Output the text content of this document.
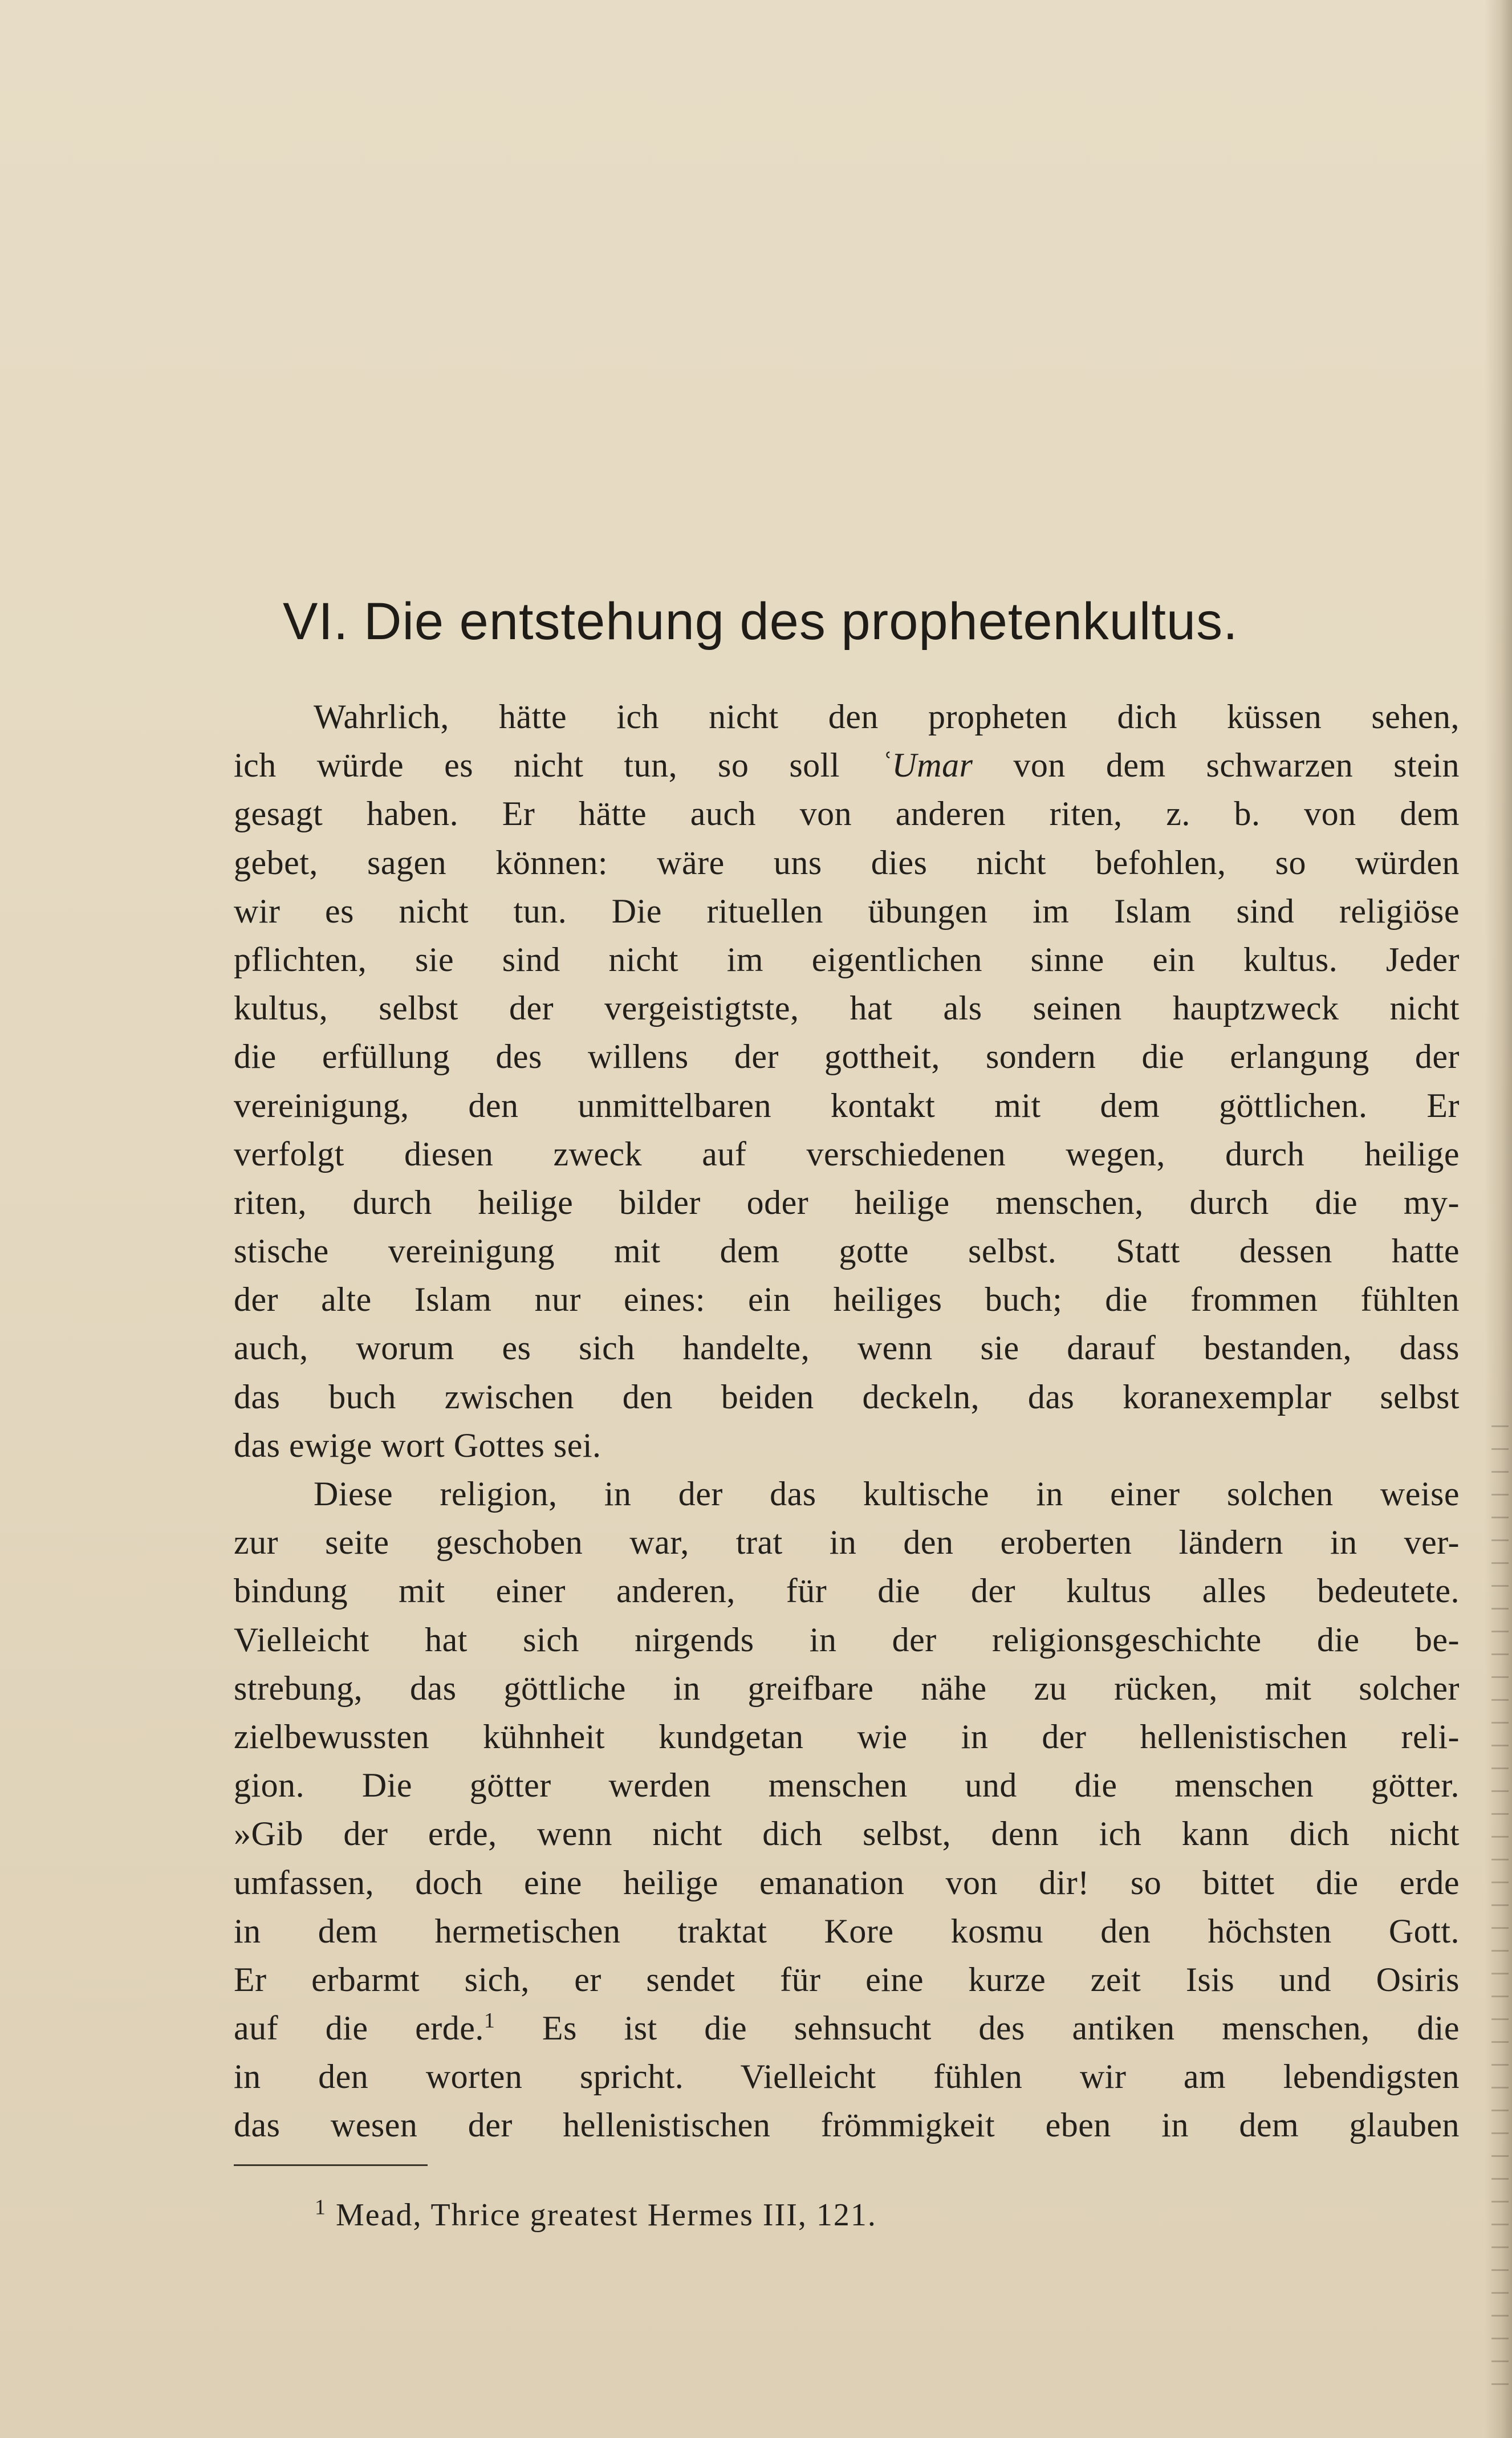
VI. Die entstehung des prophetenkultus.
Wahrlich, hätte ich nicht den propheten dich küssen sehen,
ich würde es nicht tun, so soll ʿUmar von dem schwarzen stein
gesagt haben. Er hätte auch von anderen riten, z. b. von dem
gebet, sagen können: wäre uns dies nicht befohlen, so würden
wir es nicht tun. Die rituellen übungen im Islam sind religiöse
pflichten, sie sind nicht im eigentlichen sinne ein kultus. Jeder
kultus, selbst der vergeistigtste, hat als seinen hauptzweck nicht
die erfüllung des willens der gottheit, sondern die erlangung der
vereinigung, den unmittelbaren kontakt mit dem göttlichen. Er
verfolgt diesen zweck auf verschiedenen wegen, durch heilige
riten, durch heilige bilder oder heilige menschen, durch die my-
stische vereinigung mit dem gotte selbst. Statt dessen hatte
der alte Islam nur eines: ein heiliges buch; die frommen fühlten
auch, worum es sich handelte, wenn sie darauf bestanden, dass
das buch zwischen den beiden deckeln, das koranexemplar selbst
das ewige wort Gottes sei.
Diese religion, in der das kultische in einer solchen weise
zur seite geschoben war, trat in den eroberten ländern in ver-
bindung mit einer anderen, für die der kultus alles bedeutete.
Vielleicht hat sich nirgends in der religionsgeschichte die be-
strebung, das göttliche in greifbare nähe zu rücken, mit solcher
zielbewussten kühnheit kundgetan wie in der hellenistischen reli-
gion. Die götter werden menschen und die menschen götter.
»Gib der erde, wenn nicht dich selbst, denn ich kann dich nicht
umfassen, doch eine heilige emanation von dir! so bittet die erde
in dem hermetischen traktat Kore kosmu den höchsten Gott.
Er erbarmt sich, er sendet für eine kurze zeit Isis und Osiris
auf die erde.$^1$ Es ist die sehnsucht des antiken menschen, die
in den worten spricht. Vielleicht fühlen wir am lebendigsten
das wesen der hellenistischen frömmigkeit eben in dem glauben
$^1$ Mead, Thrice greatest Hermes III, 121.
